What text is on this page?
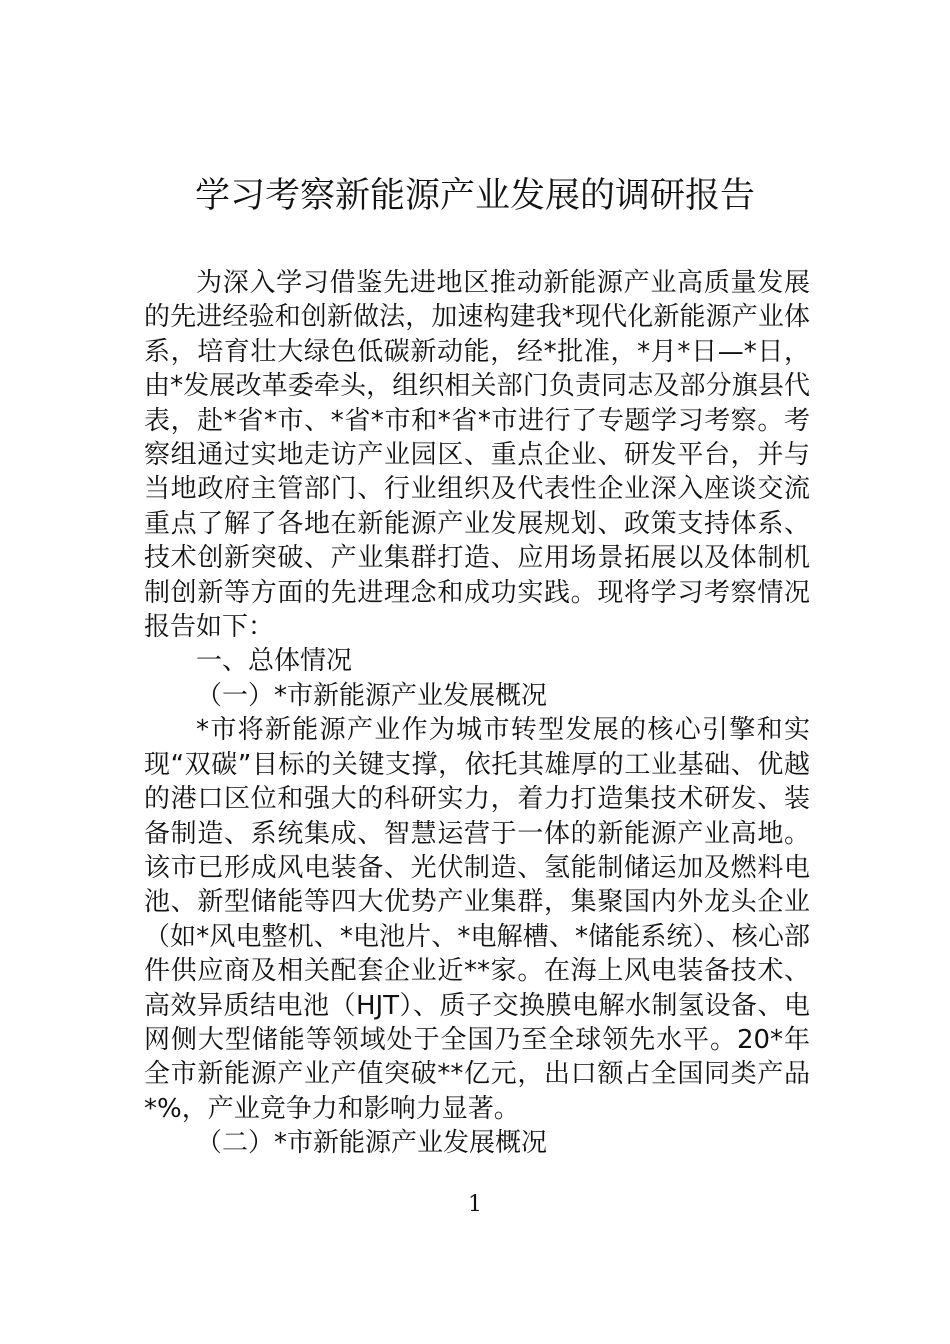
学习考察新能源产业发展的调研报告

为深入学习借鉴先进地区推动新能源产业高质量发展的先进经验和创新做法，加速构建我*现代化新能源产业体系，培育壮大绿色低碳新动能，经*批准，*月*日—*日，由*发展改革委牵头，组织相关部门负责同志及部分旗县代表，赴*省*市、*省*市和*省*市进行了专题学习考察。考察组通过实地走访产业园区、重点企业、研发平台，并与当地政府主管部门、行业组织及代表性企业深入座谈交流重点了解了各地在新能源产业发展规划、政策支持体系、技术创新突破、产业集群打造、应用场景拓展以及体制机制创新等方面的先进理念和成功实践。现将学习考察情况报告如下：

一、总体情况

（一）*市新能源产业发展概况

*市将新能源产业作为城市转型发展的核心引擎和实现“双碳”目标的关键支撑，依托其雄厚的工业基础、优越的港口区位和强大的科研实力，着力打造集技术研发、装备制造、系统集成、智慧运营于一体的新能源产业高地。该市已形成风电装备、光伏制造、氢能制储运加及燃料电池、新型储能等四大优势产业集群，集聚国内外龙头企业（如*风电整机、*电池片、*电解槽、*储能系统）、核心部件供应商及相关配套企业近**家。在海上风电装备技术、高效异质结电池（HJT）、质子交换膜电解水制氢设备、电网侧大型储能等领域处于全国乃至全球领先水平。20*年全市新能源产业产值突破**亿元，出口额占全国同类产品*%，产业竞争力和影响力显著。

（二）*市新能源产业发展概况

1
